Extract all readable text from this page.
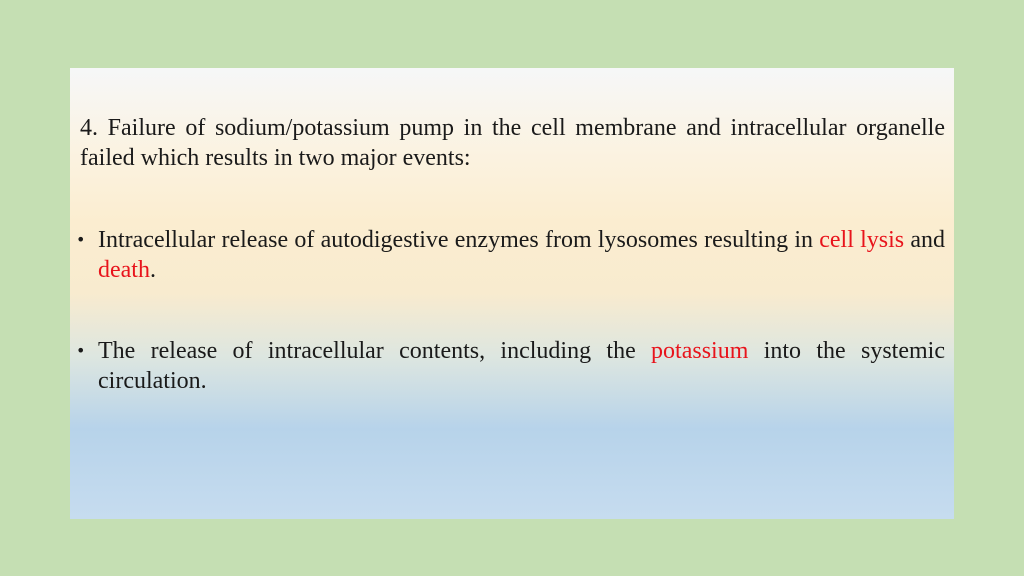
4. Failure of sodium/potassium pump in the cell membrane and intracellular organelle failed which results in two major events:
• Intracellular release of autodigestive enzymes from lysosomes resulting in cell lysis and death.
• The release of intracellular contents, including the potassium into the systemic circulation.
